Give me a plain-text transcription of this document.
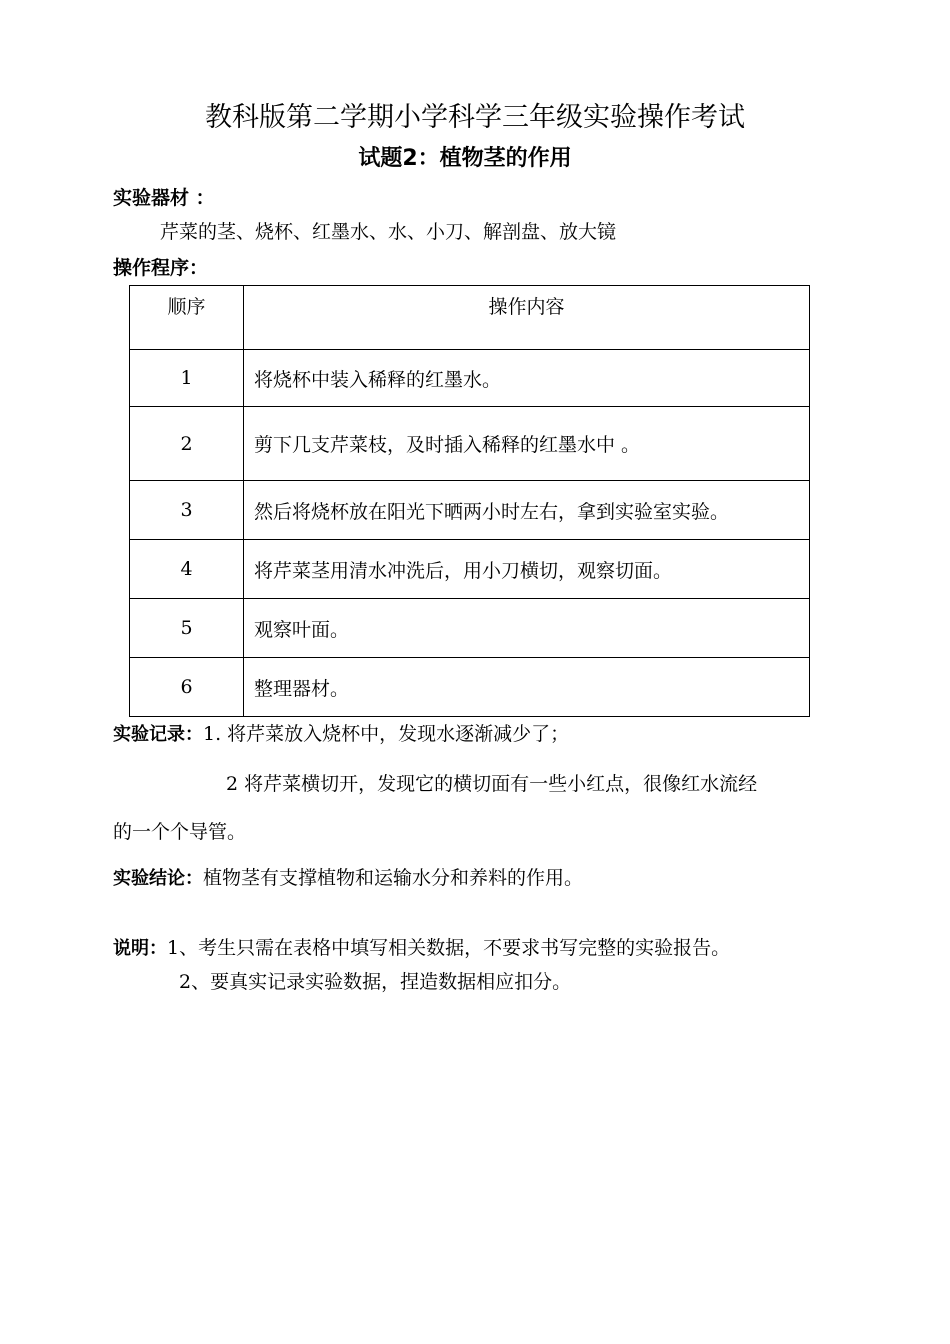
教科版第二学期小学科学三年级实验操作考试
试题2：植物茎的作用
实验器材 ：
芹菜的茎、烧杯、红墨水、水、小刀、解剖盘、放大镜
操作程序：
顺序	操作内容
1	将烧杯中装入稀释的红墨水。
2	剪下几支芹菜枝，及时插入稀释的红墨水中 。
3	然后将烧杯放在阳光下晒两小时左右，拿到实验室实验。
4	将芹菜茎用清水冲洗后，用小刀横切，观察切面。
5	观察叶面。
6	整理器材。
实验记录：1. 将芹菜放入烧杯中，发现水逐渐减少了；
2 将芹菜横切开，发现它的横切面有一些小红点，很像红水流经
的一个个导管。
实验结论：植物茎有支撑植物和运输水分和养料的作用。
说明：1、考生只需在表格中填写相关数据，不要求书写完整的实验报告。
2、要真实记录实验数据，捏造数据相应扣分。
